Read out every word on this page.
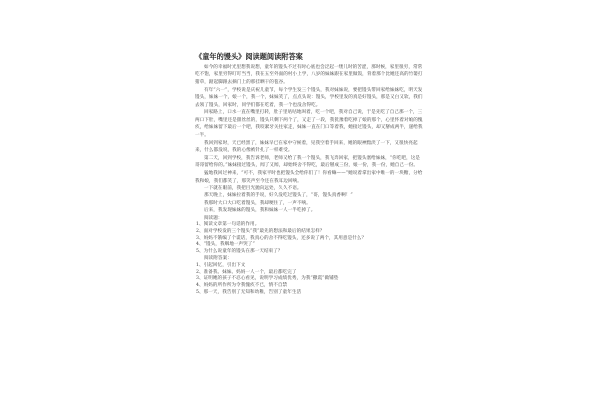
《童年的馒头》阅读题阅读附答案

如今的幸福时光里想我说想，童年的馒头不过有时心底也会泛起一缕儿时的苦涩，那时候，家里很穷，常常吃不饱，家里穷得叮叮当当，我在五至外面的村小上学，八岁的妹妹跟在家里做饭，背着那个比她还高的竹篓打猪草，踮起脚跟去摘门上的那挂晒干的苞谷。

有年“六一”，学校说是庆祝儿童节，每个学生发三个馒头，我对妹妹说，要把馒头带回家给妹妹吃，明天发馒头，妹妹一个，娘一个，我一个，妹妹笑了，点点头说：馒头，学校里发的真是好馒头，那是又白又软，我们去领了馒头，回家时，同学们都在吃着，我一个也没舍得吃。

回家路上，口水一直在嘴里打转，肚子里咕咕地叫着，吃一个吧，我对自己说，于是先吃了自己那一个，三两口下肚，嘴里还是甜丝丝的，馒头只剩下两个了，又走了一段，我犹豫着吃掉了娘的那个，心里怀着对娘的愧疚，给妹妹留下最后一个吧，我咬紧牙关往家走，妹妹一直在门口等着我，她接过馒头，却又掰成两半，递给我一半。

我回到家时，天已经黑了，妹妹早已在家中守候着，见我空着手回来，她的眼神黯淡了一下，又很快亮起来，什么都没说，我的心像被针扎了一样难受。

第二天，回到学校，我告诉老师，老师又给了我一个馒头，我飞奔回家，把馒头塞给妹妹，“你吃吧，这是哥哥留给你的。”妹妹接过馒头，闻了又闻，却始终舍不得吃，最后掰成三份，娘一份，我一份，她自己一份。

猛地我回过神来，“可不，我家平时也把馒头全给你们了！你看嘛——”她说着拿出家中唯一的一块糖，分给我和娘，我们都笑了，那笑声至今还在我耳边回响。

一下就在眼前，我把目光抛向远处，久久不语。

那天晚上，妹妹拉着我的手说，好久没吃过馒头了，“哥，馒头真香啊！”

我那时大口大口吃着馒头，我却哽住了，一声不响。

后来，我发现妹妹的馒头，我和妹妹一人一半吃掉了。

阅读题：

1、阅读文章第一句话的作用。

2、面对学校发的三个馒头“我”最先的想法和最后的结果怎样？

3、妈妈不饿编了个谎话，我真心的舍不得吃馒头，还多说了两个，其用意是什么？

4、“馒头，我咽地一声哭了”

5、为什么说童年的馒头在那一天结束了？

阅读附答案：

1、引起回忆，引出下文

2、准备我、妹妹、妈妈一人一个，最后都吃完了

3、证明她的孩子不忍心看见，说明学习成绩优秀，为我“撒谎”做铺垫

4、妈妈的所作所为令我愧疚不已，情不自禁

5、那一天，我告别了无知和幼稚，告别了童年生活
